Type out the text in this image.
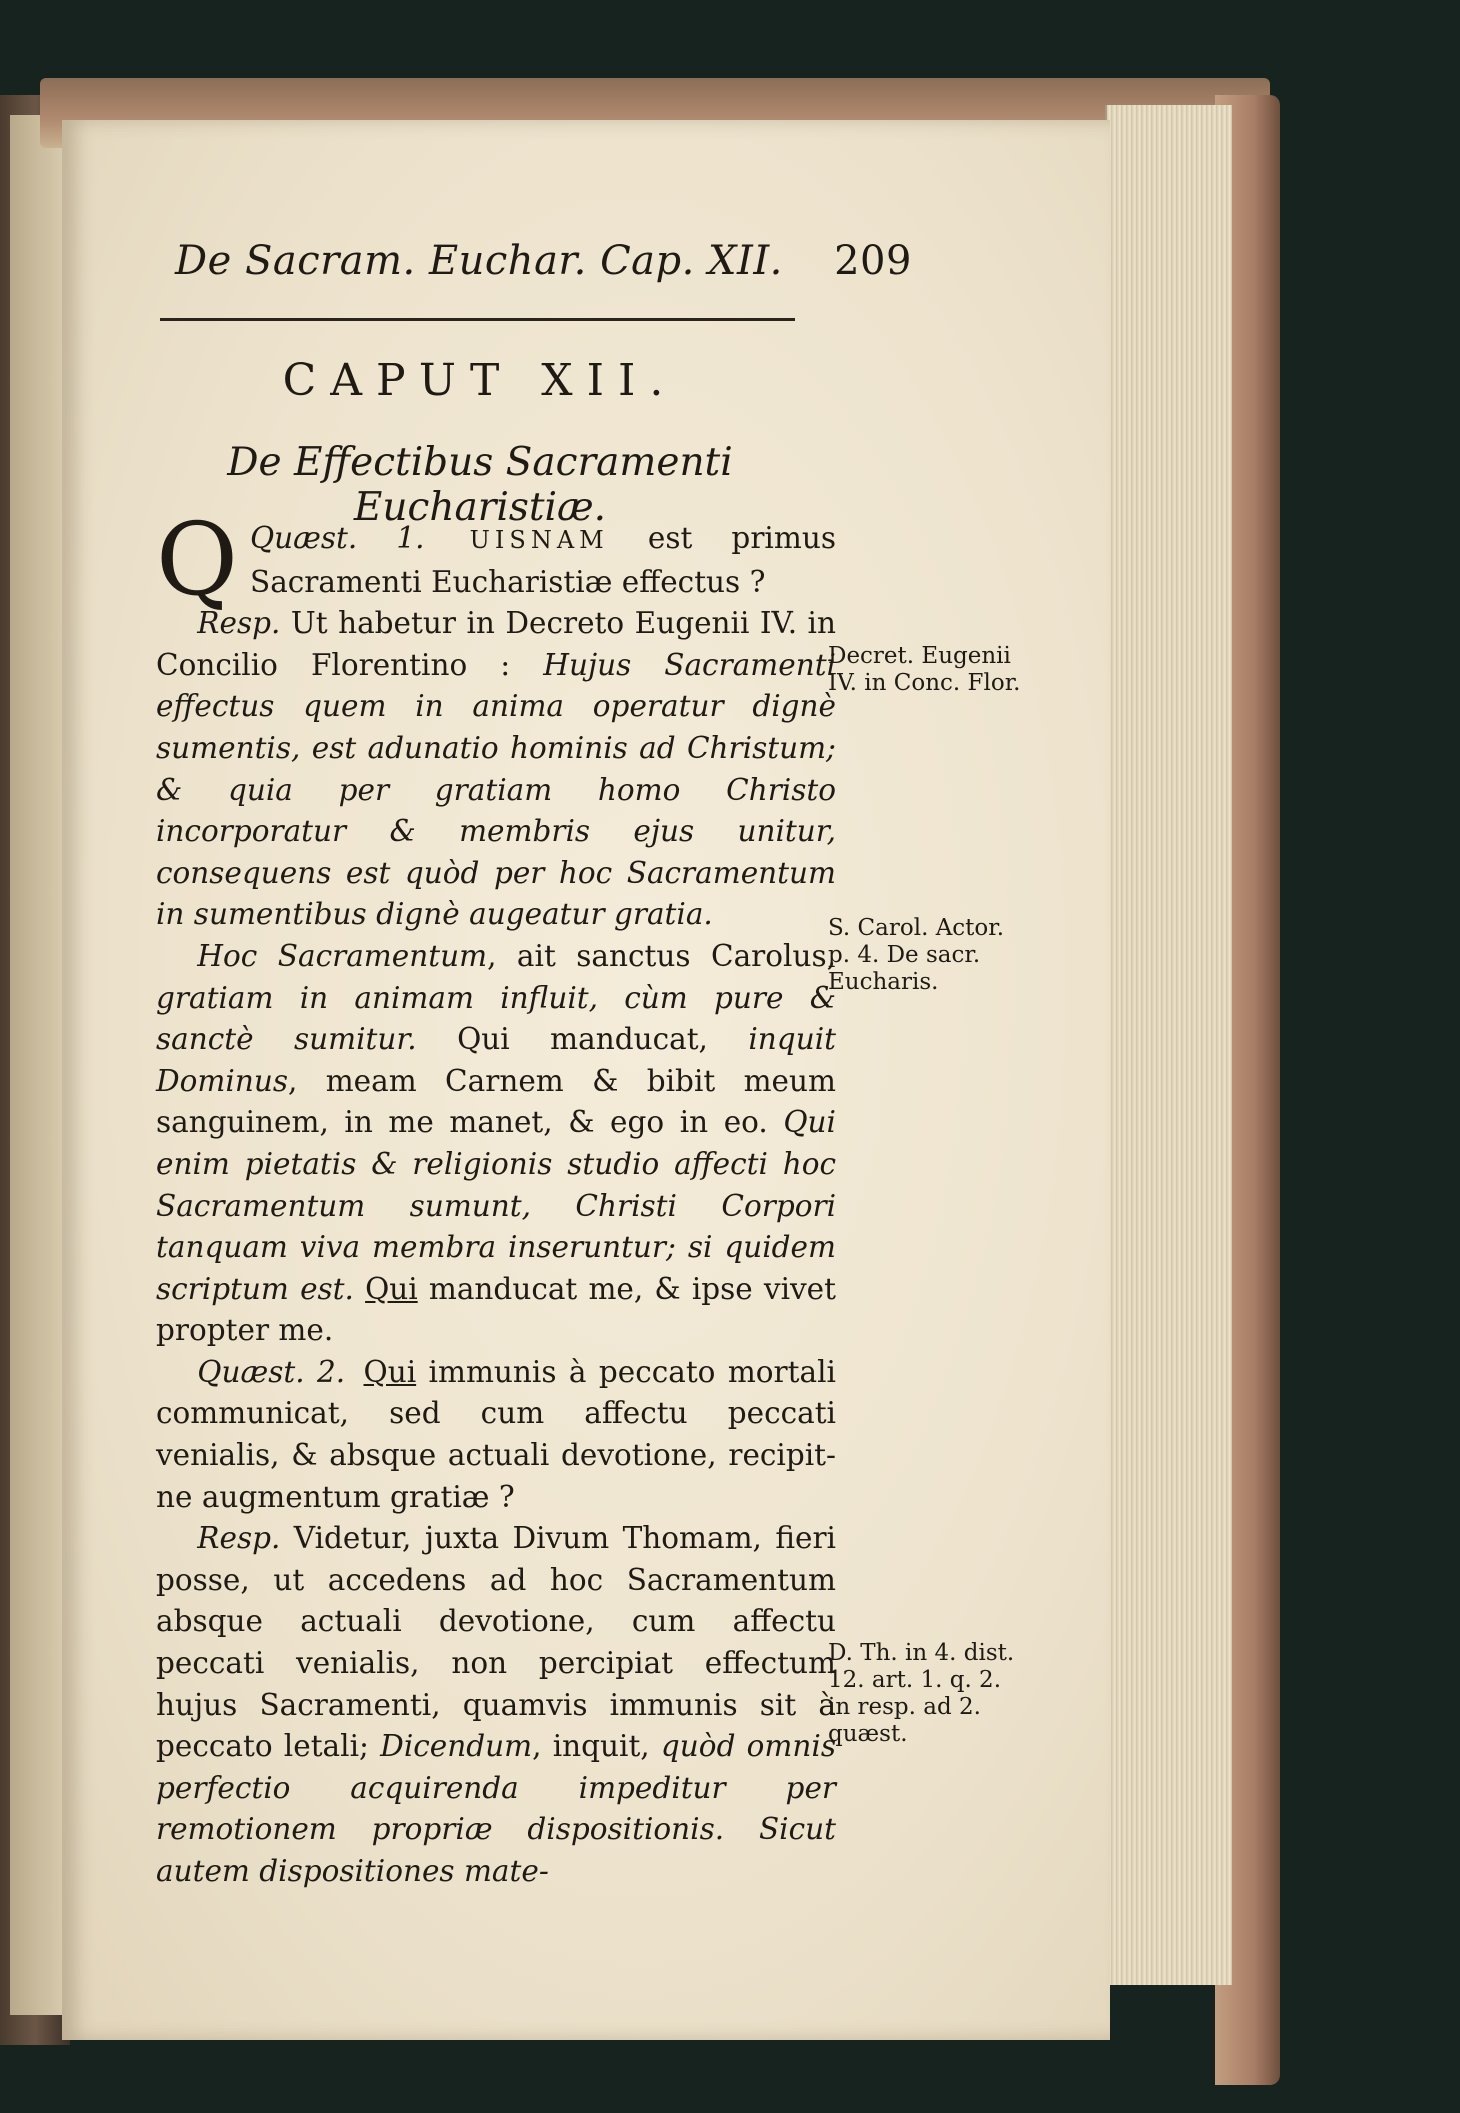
De Sacram. Euchar. Cap. XII. 209
CAPUT XII.
De Effectibus Sacramenti Eucharistiæ.

Quæst. 1.
Q	UISNAM est primus Sacramenti Eucharistiæ effectus ?

Resp. Ut habetur in Decreto Eugenii IV. in Concilio Florentino : Hujus Sacramenti effectus quem in anima operatur dignè sumentis, est adunatio hominis ad Christum; & quia per gratiam homo Christo incorporatur & membris ejus unitur, consequens est quòd per hoc Sacramentum in sumentibus dignè augeatur gratia.

Hoc Sacramentum, ait sanctus Carolus, gratiam in animam influit, cùm pure & sanctè sumitur. Qui manducat, inquit Dominus, meam Carnem & bibit meum sanguinem, in me manet, & ego in eo. Qui enim pietatis & religionis studio affecti hoc Sacramentum sumunt, Christi Corpori tanquam viva membra inseruntur; si quidem scriptum est. Qui manducat me, & ipse vivet propter me.

Quæst. 2. Qui immunis à peccato mortali communicat, sed cum affectu peccati venialis, & absque actuali devotione, recipit-ne augmentum gratiæ ?

Resp. Videtur, juxta Divum Thomam, fieri posse, ut accedens ad hoc Sacramentum absque actuali devotione, cum affectu peccati venialis, non percipiat effectum hujus Sacramenti, quamvis immunis sit à peccato letali; Dicendum, inquit, quòd omnis perfectio acquirenda impeditur per remotionem propriæ dispositionis. Sicut autem dispositiones mate-

Decret. Eugenii IV. in Conc. Flor.
S. Carol. Actor. p. 4. De sacr. Eucharis.
D. Th. in 4. dist. 12. art. 1. q. 2. in resp. ad 2. quæst.
